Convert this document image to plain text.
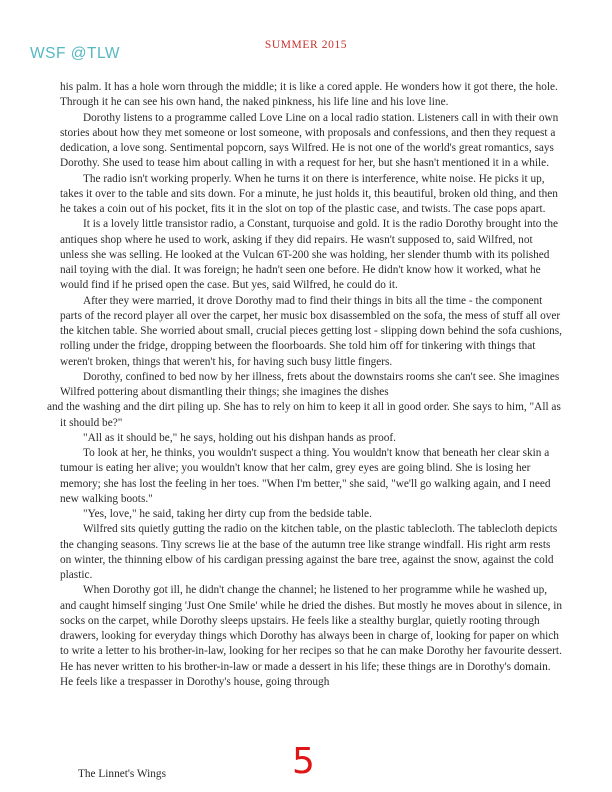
WSF @TLW	SUMMER 2015

his palm. It has a hole worn through the middle; it is like a cored apple. He wonders how it got there, the hole. Through it he can see his own hand, the naked pinkness, his life line and his love line.

Dorothy listens to a programme called Love Line on a local radio station. Listeners call in with their own stories about how they met someone or lost someone, with proposals and confessions, and then they request a dedication, a love song. Sentimental popcorn, says Wilfred. He is not one of the world's great romantics, says Dorothy. She used to tease him about calling in with a request for her, but she hasn't mentioned it in a while.

The radio isn't working properly. When he turns it on there is interference, white noise. He picks it up, takes it over to the table and sits down. For a minute, he just holds it, this beautiful, broken old thing, and then he takes a coin out of his pocket, fits it in the slot on top of the plastic case, and twists. The case pops apart.

It is a lovely little transistor radio, a Constant, turquoise and gold. It is the radio Dorothy brought into the antiques shop where he used to work, asking if they did repairs. He wasn't supposed to, said Wilfred, not unless she was selling. He looked at the Vulcan 6T-200 she was holding, her slender thumb with its polished nail toying with the dial. It was foreign; he hadn't seen one before. He didn't know how it worked, what he would find if he prised open the case. But yes, said Wilfred, he could do it.

After they were married, it drove Dorothy mad to find their things in bits all the time - the component parts of the record player all over the carpet, her music box disassembled on the sofa, the mess of stuff all over the kitchen table. She worried about small, crucial pieces getting lost - slipping down behind the sofa cushions, rolling under the fridge, dropping between the floorboards. She told him off for tinkering with things that weren't broken, things that weren't his, for having such busy little fingers.

Dorothy, confined to bed now by her illness, frets about the downstairs rooms she can't see. She imagines Wilfred pottering about dismantling their things; she imagines the dishes

and the washing and the dirt piling up. She has to rely on him to keep it all in good order. She says to him, "All as it should be?"

"All as it should be," he says, holding out his dishpan hands as proof.

To look at her, he thinks, you wouldn't suspect a thing. You wouldn't know that beneath her clear skin a tumour is eating her alive; you wouldn't know that her calm, grey eyes are going blind. She is losing her memory; she has lost the feeling in her toes. "When I'm better," she said, "we'll go walking again, and I need new walking boots."

"Yes, love," he said, taking her dirty cup from the bedside table.

Wilfred sits quietly gutting the radio on the kitchen table, on the plastic tablecloth. The tablecloth depicts the changing seasons. Tiny screws lie at the base of the autumn tree like strange windfall. His right arm rests on winter, the thinning elbow of his cardigan pressing against the bare tree, against the snow, against the cold plastic.

When Dorothy got ill, he didn't change the channel; he listened to her programme while he washed up, and caught himself singing 'Just One Smile' while he dried the dishes. But mostly he moves about in silence, in socks on the carpet, while Dorothy sleeps upstairs. He feels like a stealthy burglar, quietly rooting through drawers, looking for everyday things which Dorothy has always been in charge of, looking for paper on which to write a letter to his brother-in-law, looking for her recipes so that he can make Dorothy her favourite dessert. He has never written to his brother-in-law or made a dessert in his life; these things are in Dorothy's domain. He feels like a trespasser in Dorothy's house, going through

The Linnet's Wings	5
